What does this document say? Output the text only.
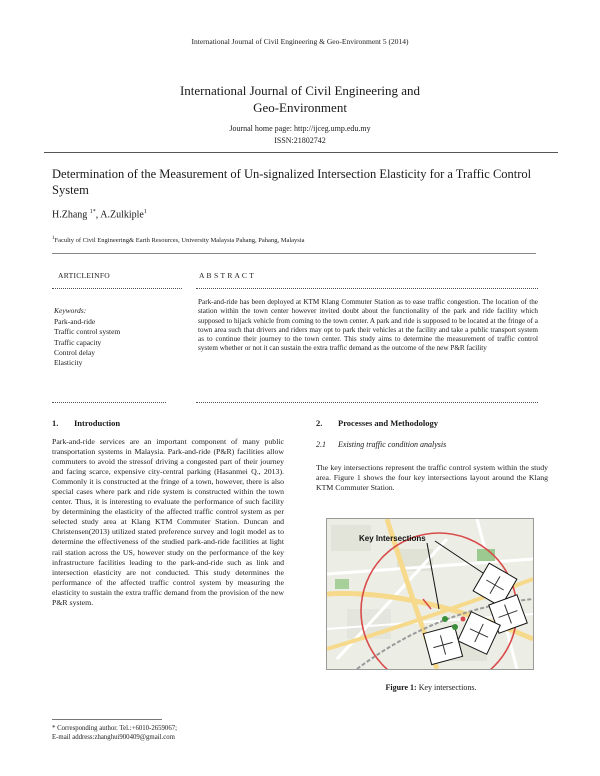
International Journal of Civil Engineering & Geo-Environment 5 (2014)
International Journal of Civil Engineering and
Geo-Environment
Journal home page: http://ijceg.ump.edu.my
ISSN:21802742
Determination of the Measurement of Un-signalized Intersection Elasticity for a Traffic Control System
H.Zhang $^{1*}$, A.Zulkiple$^1$
$^1$Faculty of Civil Engineering& Earth Resources, University Malaysia Pahang, Pahang, Malaysia
ARTICLEINFO	A B S T R A C T
Keywords:
Park-and-ride
Traffic control system
Traffic capacity
Control delay
Elasticity
Park-and-ride has been deployed at KTM Klang Commuter Station as to ease traffic congestion. The location of the station within the town center however invited doubt about the functionality of the park and ride facility which supposed to hijack vehicle from coming to the town center. A park and ride is supposed to be located at the fringe of a town area such that drivers and riders may opt to park their vehicles at the facility and take a public transport system as to continue their journey to the town center. This study aims to determine the measurement of traffic control system whether or not it can sustain the extra traffic demand as the outcome of the new P&R facility
1. Introduction
Park-and-ride services are an important component of many public transportation systems in Malaysia. Park-and-ride (P&R) facilities allow commuters to avoid the stressof driving a congested part of their journey and facing scarce, expensive city-central parking (Hasanmei Q., 2013). Commonly it is constructed at the fringe of a town, however, there is also special cases where park and ride system is constructed within the town center. Thus, it is interesting to evaluate the performance of such facility by determining the elasticity of the affected traffic control system as per selected study area at Klang KTM Commuter Station. Duncan and Christensen(2013) utilized stated preference survey and logit model as to determine the effectiveness of the studied park-and-ride facilities at light rail station across the US, however study on the performance of the key infrastructure facilities leading to the park-and-ride such as link and intersection elasticity are not conducted. This study determines the performance of the affected traffic control system by measuring the elasticity to sustain the extra traffic demand from the provision of the new P&R system.
2. Processes and Methodology
2.1 Existing traffic condition analysis
The key intersections represent the traffic control system within the study area. Figure 1 shows the four key intersections layout around the Klang KTM Commuter Station.
Key Intersections
Figure 1: Key intersections.
* Corresponding author. Tel.:+6010-2659067;
E-mail address:zhanghui900409@gmail.com
